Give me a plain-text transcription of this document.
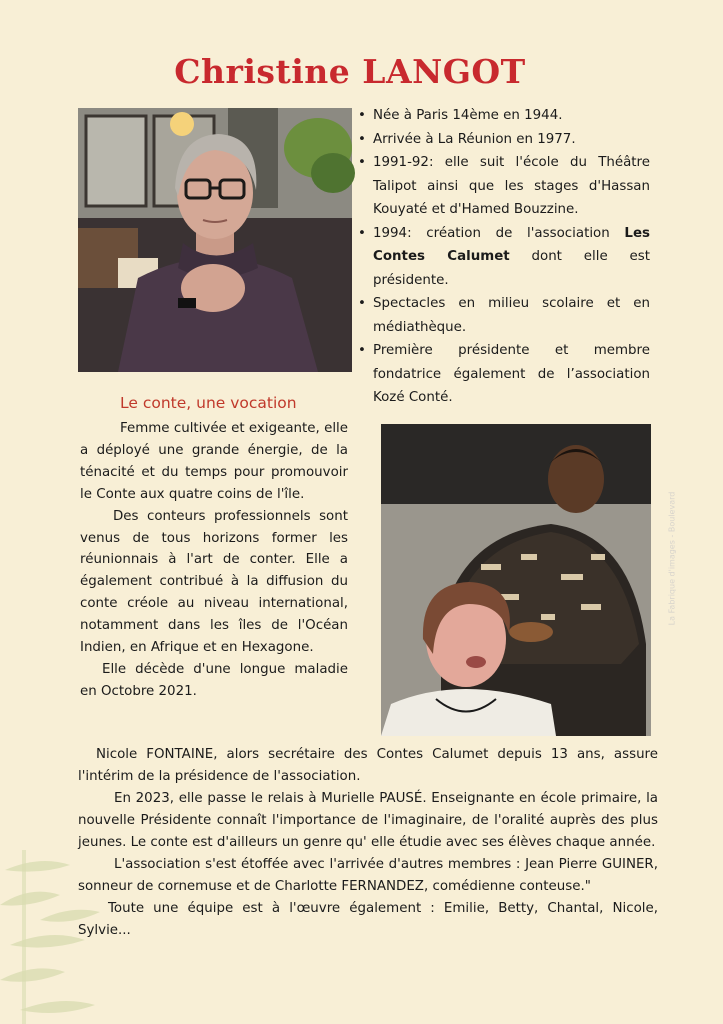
Christine LANGOT
• Née à Paris 14ème en 1944.
• Arrivée à La Réunion en 1977.
• 1991-92: elle suit l'école du Théâtre Talipot ainsi que les stages d'Hassan Kouyaté et d'Hamed Bouzzine.
• 1994: création de l'association Les Contes Calumet dont elle est présidente.
• Spectacles en milieu scolaire et en médiathèque.
• Première présidente et membre fondatrice également de l’association Kozé Conté.
Le conte, une vocation

Femme cultivée et exigeante, elle a déployé une grande énergie, de la ténacité et du temps pour promouvoir le Conte aux quatre coins de l'île.

Des conteurs professionnels sont venus de tous horizons former les réunionnais à l'art de conter. Elle a également contribué à la diffusion du conte créole au niveau international, notamment dans les îles de l'Océan Indien, en Afrique et en Hexagone.

Elle décède d'une longue maladie en Octobre 2021.

La Fabrique d'images - Boulevard

Nicole FONTAINE, alors secrétaire des Contes Calumet depuis 13 ans, assure l'intérim de la présidence de l'association.

En 2023, elle passe le relais à Murielle PAUSÉ. Enseignante en école primaire, la nouvelle Présidente connaît l'importance de l'imaginaire, de l'oralité auprès des plus jeunes. Le conte est d'ailleurs un genre qu' elle étudie avec ses élèves chaque année.

L'association s'est étoffée avec l'arrivée d'autres membres : Jean Pierre GUINER, sonneur de cornemuse et de Charlotte FERNANDEZ, comédienne conteuse."

Toute une équipe est à l'œuvre également : Emilie, Betty, Chantal, Nicole, Sylvie...
